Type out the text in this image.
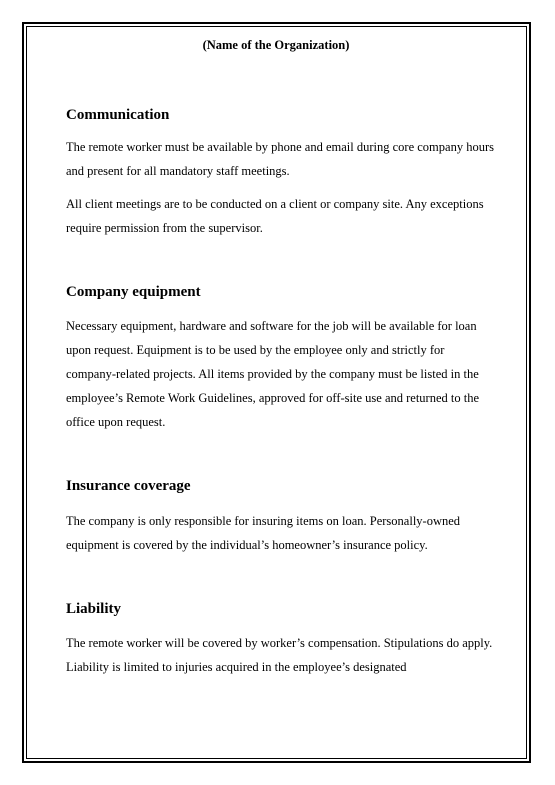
(Name of the Organization)
Communication

The remote worker must be available by phone and email during core company hours and present for all mandatory staff meetings.

All client meetings are to be conducted on a client or company site. Any exceptions require permission from the supervisor.

Company equipment

Necessary equipment, hardware and software for the job will be available for loan upon request. Equipment is to be used by the employee only and strictly for company-related projects. All items provided by the company must be listed in the employee’s Remote Work Guidelines, approved for off-site use and returned to the office upon request.

Insurance coverage

The company is only responsible for insuring items on loan. Personally-owned equipment is covered by the individual’s homeowner’s insurance policy.

Liability

The remote worker will be covered by worker’s compensation. Stipulations do apply. Liability is limited to injuries acquired in the employee’s designated
